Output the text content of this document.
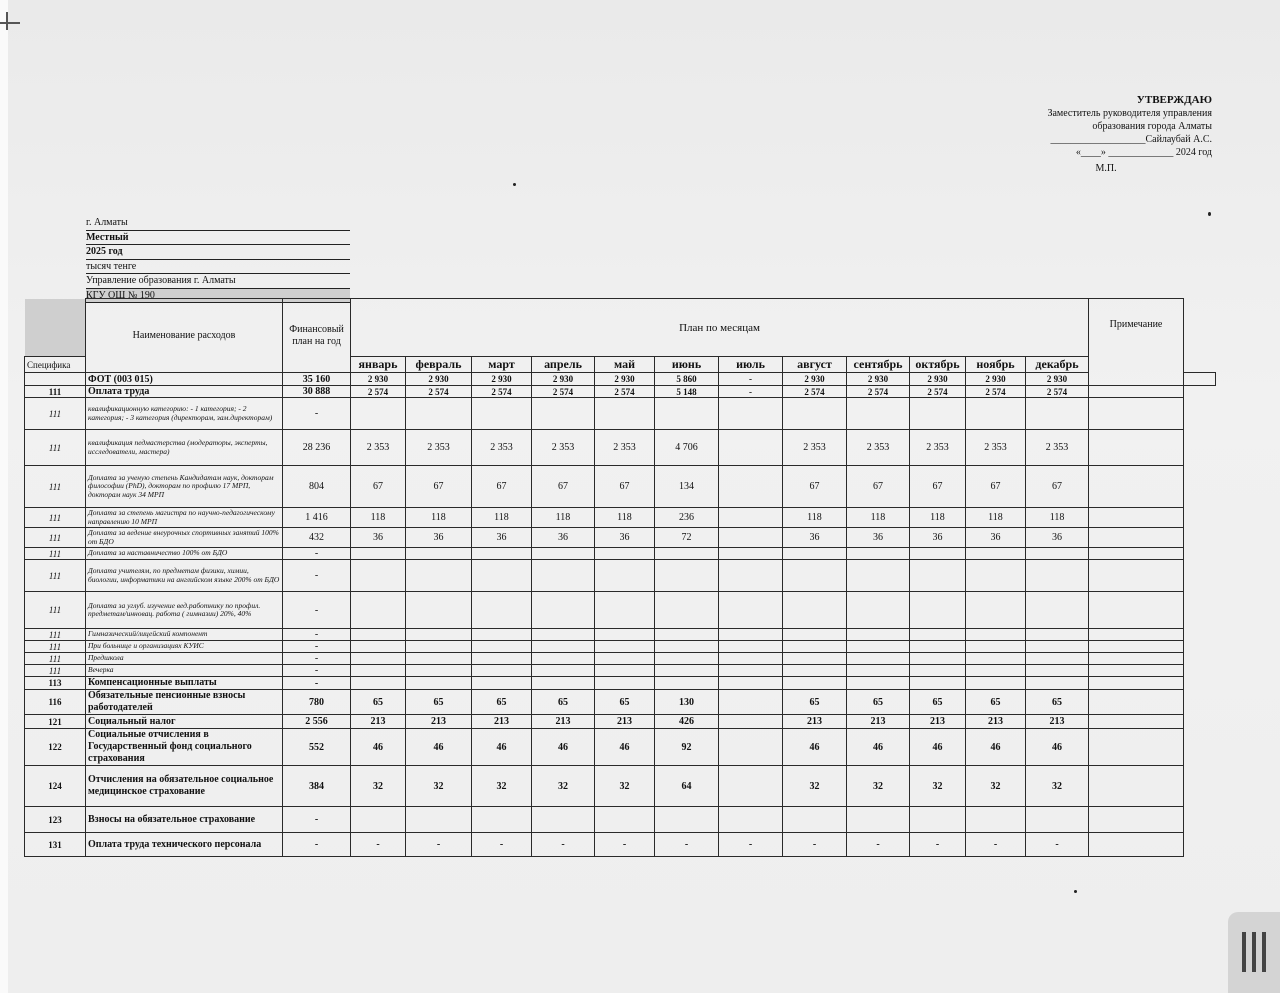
УТВЕРЖДАЮ
Заместитель руководителя управления
образования города Алматы
___________________Сайлаубай А.С.
«____» _____________ 2024 год
М.П.
г. Алматы
Местный
2025 год
тысяч тенге
Управление образования г. Алматы
КГУ ОШ № 190
	Наименование расходов	Финансовый план на год	План по месяцам												Примечание	
Специфика			январь	февраль	март	апрель	май	июнь	июль	август	сентябрь	октябрь	ноябрь	декабрь		
	ФОТ (003 015)	35 160	2 930	2 930	2 930	2 930	2 930	5 860	-	2 930	2 930	2 930	2 930	2 930		
111	Оплата труда	30 888	2 574	2 574	2 574	2 574	2 574	5 148	-	2 574	2 574	2 574	2 574	2 574		
111	квалификационную категорию: - 1 категория; - 2 категория; - 3 категория (директорам, зам.директорам)	-														
111	квалификация педмастерства (модераторы, эксперты, исследователи, мастера)	28 236	2 353	2 353	2 353	2 353	2 353	4 706		2 353	2 353	2 353	2 353	2 353		
111	Доплата за ученую степень Кандидатам наук, докторам философии (PhD), докторам по профилю 17 МРП, докторам наук 34 МРП	804	67	67	67	67	67	134		67	67	67	67	67		
111	Доплата за степень магистра по научно-педагогическому направлению 10 МРП	1 416	118	118	118	118	118	236		118	118	118	118	118		
111	Доплата за ведение внеурочных спортивных занятий 100% от БДО	432	36	36	36	36	36	72		36	36	36	36	36		
111	Доплата за наставничество 100% от БДО	-														
111	Доплата учителям, по предметам физики, химии, биологии, информатики на английском языке 200% от БДО	-														
111	Доплата за углуб. изучение вед.работнику по профил. предметам/инновац. работа ( гимназии) 20%, 40%	-														
111	Гимназический/лицейский компонент	-														
111	При больнице и организациях КУИС	-														
111	Предшкола	-														
111	Вечерка	-														
113	Компенсационные выплаты	-														
116	Обязательные пенсионные взносы работодателей	780	65	65	65	65	65	130		65	65	65	65	65		
121	Социальный налог	2 556	213	213	213	213	213	426		213	213	213	213	213		
122	Социальные отчисления в Государственный фонд социального страхования	552	46	46	46	46	46	92		46	46	46	46	46		
124	Отчисления на обязательное социальное медицинское страхование	384	32	32	32	32	32	64		32	32	32	32	32		
123	Взносы на обязательное страхование	-														
131	Оплата труда технического персонала	-	-	-	-	-	-	-	-	-	-	-	-	-		
